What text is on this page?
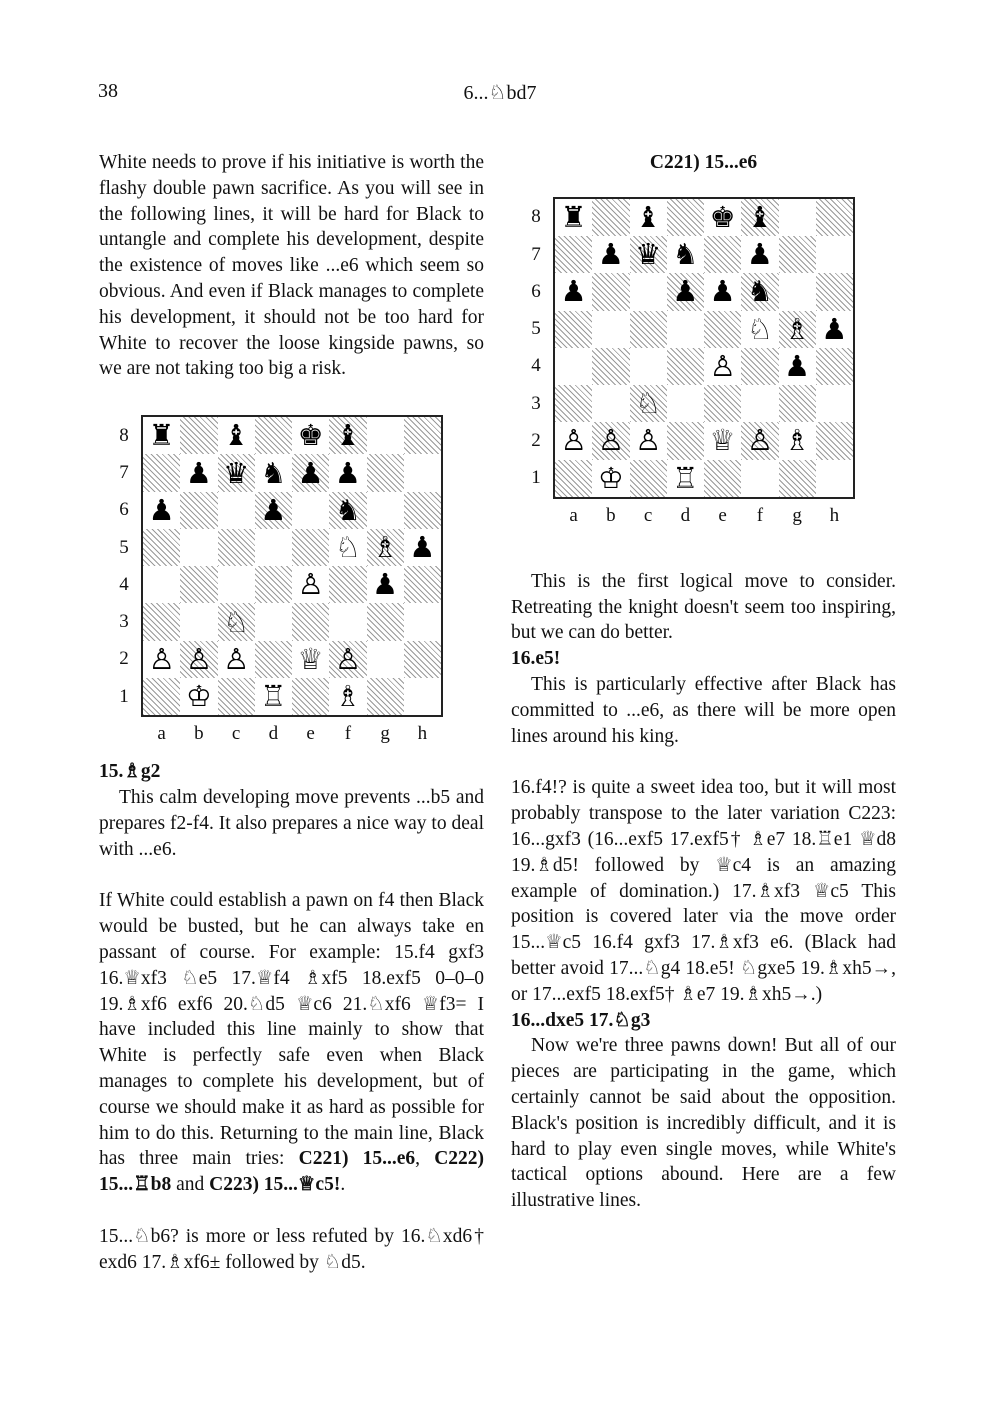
38	6...♘bd7

White needs to prove if his initiative is worth the flashy double pawn sacrifice. As you will see in the following lines, it will be hard for Black to untangle and complete his development, despite the existence of moves like ...e6 which seem so obvious. And even if Black manages to complete his development, it should not be too hard for White to recover the loose kingside pawns, so we are not taking too big a risk.

♜ ♝ ♚ ♝
♟ ♛ ♞ ♟ ♟
♟	♟ ♞
♘ ♗ ♟
♙ ♟
♘
♙ ♙ ♙ ♕ ♙
♔ ♖ ♗
8
7
6
5
4
3
2
1
a	b	c	d	e	f	g	h

15.♗g2

This calm developing move prevents ...b5 and prepares f2-f4. It also prepares a nice way to deal with ...e6.

If White could establish a pawn on f4 then Black would be busted, but he can always take en passant of course. For example: 15.f4 gxf3 16.♕xf3 ♘e5 17.♕f4 ♗xf5 18.exf5 0–0–0 19.♗xf6 exf6 20.♘d5 ♕c6 21.♘xf6 ♕f3= I have included this line mainly to show that White is perfectly safe even when Black manages to complete his development, but of course we should make it as hard as possible for him to do this. Returning to the main line, Black has three main tries: C221) 15...e6, C222) 15...♖b8 and C223) 15...♕c5!.

15...♘b6? is more or less refuted by 16.♘xd6† exd6 17.♗xf6± followed by ♘d5.

C221) 15...e6

♜ ♝ ♚ ♝
♟ ♛ ♞ ♟
♟	♟ ♟ ♞
♘ ♗ ♟
♙ ♟
♘
♙ ♙ ♙ ♕ ♙ ♗
♔ ♖
8
7
6
5
4
3
2
1
a	b	c	d	e	f	g	h

This is the first logical move to consider. Retreating the knight doesn't seem too inspiring, but we can do better.

16.e5!

This is particularly effective after Black has committed to ...e6, as there will be more open lines around his king.

16.f4!? is quite a sweet idea too, but it will most probably transpose to the later variation C223: 16...gxf3 (16...exf5 17.exf5† ♗e7 18.♖e1 ♕d8 19.♗d5! followed by ♕c4 is an amazing example of domination.) 17.♗xf3 ♕c5 This position is covered later via the move order 15...♕c5 16.f4 gxf3 17.♗xf3 e6. (Black had better avoid 17...♘g4 18.e5! ♘gxe5 19.♗xh5→, or 17...exf5 18.exf5† ♗e7 19.♗xh5→.)

16...dxe5 17.♘g3

Now we're three pawns down! But all of our pieces are participating in the game, which certainly cannot be said about the opposition. Black's position is incredibly difficult, and it is hard to play even single moves, while White's tactical options abound. Here are a few illustrative lines.
